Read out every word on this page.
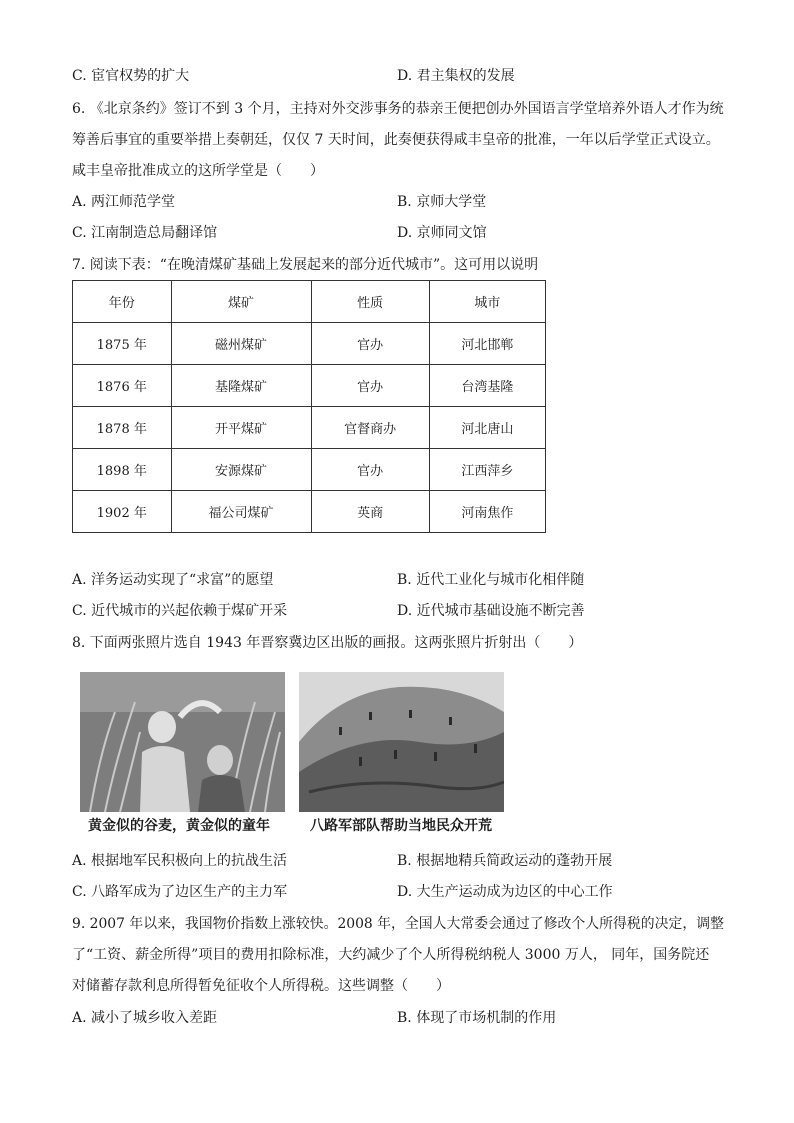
C. 宦官权势的扩大	D. 君主集权的发展
6. 《北京条约》签订不到 3 个月，主持对外交涉事务的恭亲王便把创办外国语言学堂培养外语人才作为统
筹善后事宜的重要举措上奏朝廷，仅仅 7 天时间，此奏便获得咸丰皇帝的批准，一年以后学堂正式设立。
咸丰皇帝批准成立的这所学堂是（　　）
A. 两江师范学堂	B. 京师大学堂
C. 江南制造总局翻译馆	D. 京师同文馆
7. 阅读下表：“在晚清煤矿基础上发展起来的部分近代城市”。这可用以说明
年份	煤矿	性质	城市
1875 年	磁州煤矿	官办	河北邯郸
1876 年	基隆煤矿	官办	台湾基隆
1878 年	开平煤矿	官督商办	河北唐山
1898 年	安源煤矿	官办	江西萍乡
1902 年	福公司煤矿	英商	河南焦作
A. 洋务运动实现了“求富”的愿望	B. 近代工业化与城市化相伴随
C. 近代城市的兴起依赖于煤矿开采	D. 近代城市基础设施不断完善
8. 下面两张照片选自 1943 年晋察冀边区出版的画报。这两张照片折射出（　　）
黄金似的谷麦，黄金似的童年	八路军部队帮助当地民众开荒
A. 根据地军民积极向上的抗战生活	B. 根据地精兵简政运动的蓬勃开展
C. 八路军成为了边区生产的主力军	D. 大生产运动成为边区的中心工作
9. 2007 年以来，我国物价指数上涨较快。2008 年，全国人大常委会通过了修改个人所得税的决定，调整
了“工资、薪金所得”项目的费用扣除标准，大约减少了个人所得税纳税人 3000 万人， 同年，国务院还
对储蓄存款利息所得暂免征收个人所得税。这些调整（　　）
A. 减小了城乡收入差距	B. 体现了市场机制的作用
